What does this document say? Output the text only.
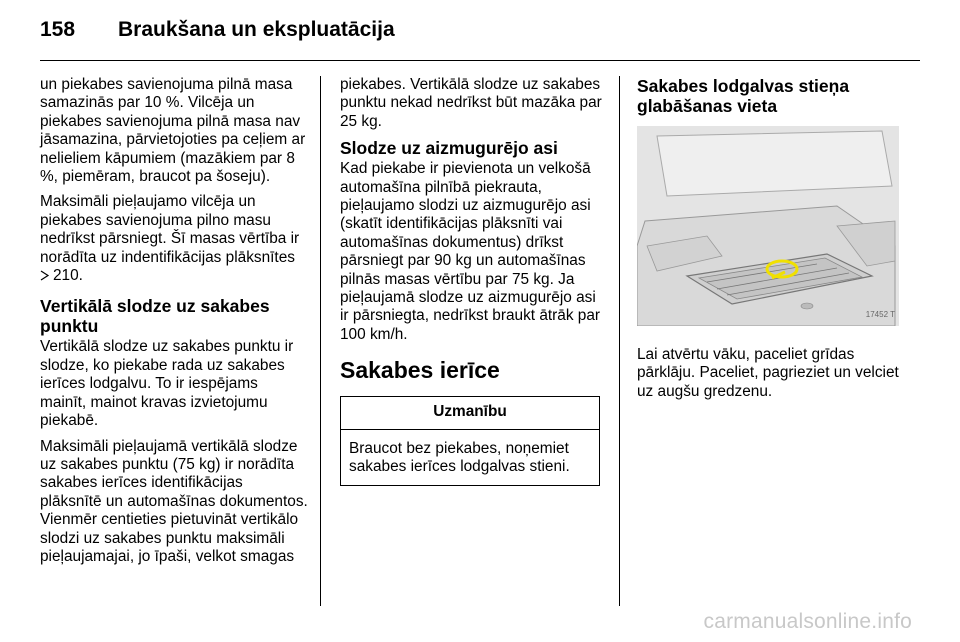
158 Braukšana un ekspluatācija

un piekabes savienojuma pilnā masa samazinās par 10 %. Vilcēja un piekabes savienojuma pilnā masa nav jāsamazina, pārvietojoties pa ceļiem ar nelieliem kāpumiem (mazākiem par 8 %, piemēram, braucot pa šoseju).

Maksimāli pieļaujamo vilcēja un piekabes savienojuma pilno masu nedrīkst pārsniegt. Šī masas vērtība ir norādīta uz indentifikācijas plāksnītes
210.

Vertikālā slodze uz sakabes punktu

Vertikālā slodze uz sakabes punktu ir slodze, ko piekabe rada uz sakabes ierīces lodgalvu. To ir iespējams mainīt, mainot kravas izvietojumu piekabē.

Maksimāli pieļaujamā vertikālā slodze uz sakabes punktu (75 kg) ir norādīta sakabes ierīces identifikācijas plāksnītē un automašīnas dokumentos. Vienmēr centieties pietuvināt vertikālo slodzi uz sakabes punktu maksimāli pieļaujamajai, jo īpaši, velkot smagas

piekabes. Vertikālā slodze uz sakabes punktu nekad nedrīkst būt mazāka par 25 kg.

Slodze uz aizmugurējo asi

Kad piekabe ir pievienota un velkošā automašīna pilnībā piekrauta, pieļaujamo slodzi uz aizmugurējo asi (skatīt identifikācijas plāksnīti vai automašīnas dokumentus) drīkst pārsniegt par 90 kg un automašīnas pilnās masas vērtību par 75 kg. Ja pieļaujamā slodze uz aizmugurējo asi ir pārsniegta, nedrīkst braukt ātrāk par 100 km/h.

Sakabes ierīce
Uzmanību
Braucot bez piekabes, noņemiet sakabes ierīces lodgalvas stieni.
Sakabes lodgalvas stieņa glabāšanas vieta
17452 T

Lai atvērtu vāku, paceliet grīdas pārklāju. Paceliet, pagrieziet un velciet uz augšu gredzenu.

carmanualsonline.info
